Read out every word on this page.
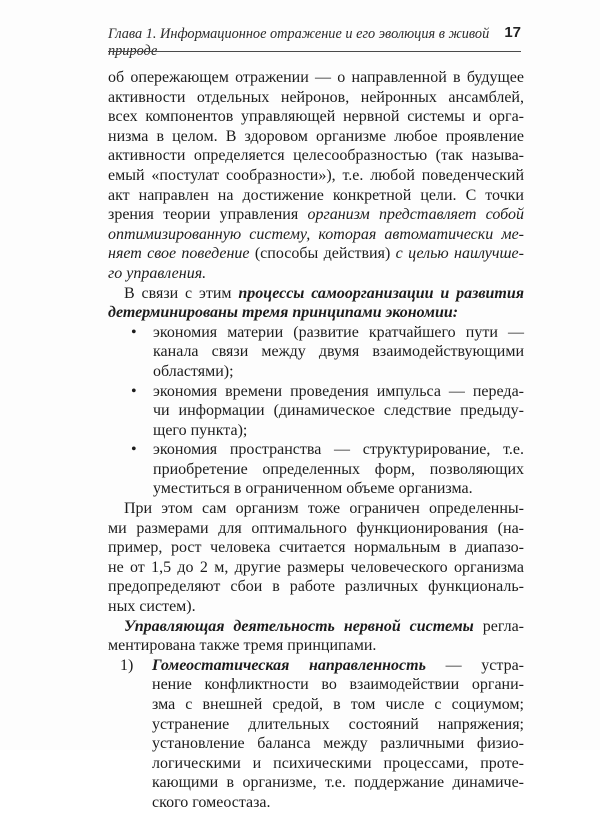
Глава 1. Информационное отражение и его эволюция в живой природе
17
об опережающем отражении — о направленной в будущее
активности отдельных нейронов, нейронных ансамблей,
всех компонентов управляющей нервной системы и орга-
низма в целом. В здоровом организме любое проявление
активности определяется целесообразностью (так называ-
емый «постулат сообразности»), т.е. любой поведенческий
акт направлен на достижение конкретной цели. С точки
зрения теории управления организм представляет собой
оптимизированную систему, которая автоматически ме-
няет свое поведение (способы действия) с целью наилучше-
го управления.
В связи с этим процессы самоорганизации и развития
детерминированы тремя принципами экономии:
• экономия материи (развитие кратчайшего пути —
канала связи между двумя взаимодействующими
областями);
• экономия времени проведения импульса — переда-
чи информации (динамическое следствие предыду-
щего пункта);
• экономия пространства — структурирование, т.е.
приобретение определенных форм, позволяющих
уместиться в ограниченном объеме организма.
При этом сам организм тоже ограничен определенны-
ми размерами для оптимального функционирования (на-
пример, рост человека считается нормальным в диапазо-
не от 1,5 до 2 м, другие размеры человеческого организма
предопределяют сбои в работе различных функциональ-
ных систем).
Управляющая деятельность нервной системы регла-
ментирована также тремя принципами.
1) Гомеостатическая направленность — устра-
нение конфликтности во взаимодействии органи-
зма с внешней средой, в том числе с социумом;
устранение длительных состояний напряжения;
установление баланса между различными физио-
логическими и психическими процессами, проте-
кающими в организме, т.е. поддержание динамиче-
ского гомеостаза.
